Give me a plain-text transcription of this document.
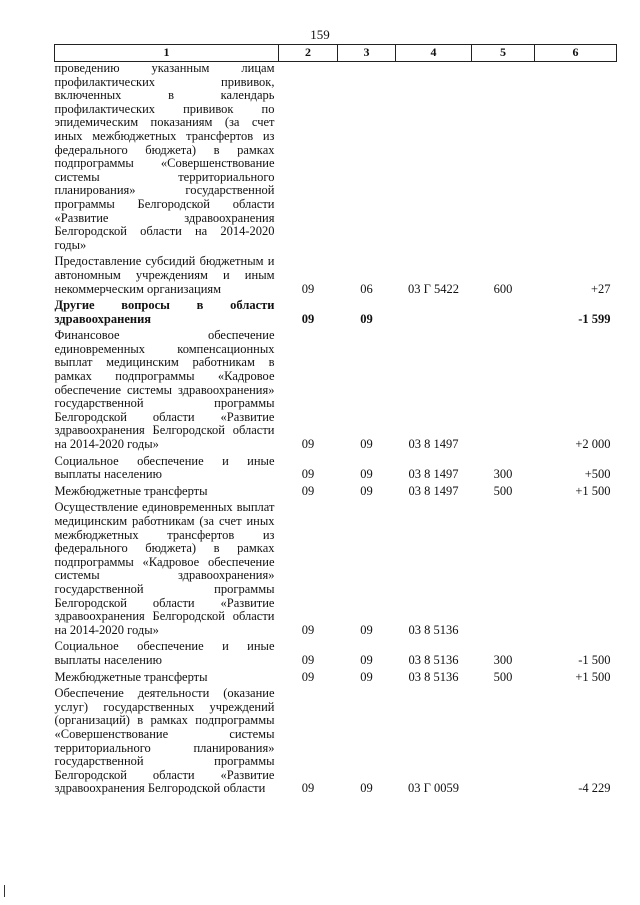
159
1	2	3	4	5	6
проведению указанным лицам профилактических прививок, включенных в календарь профилактических прививок по эпидемическим показаниям (за счет иных межбюджетных трансфертов из федерального бюджета) в рамках подпрограммы «Совершенствование системы территориального планирования» государственной программы Белгородской области «Развитие здравоохранения Белгородской области на 2014-2020 годы»					
Предоставление субсидий бюджетным и автономным учреждениям и иным некоммерческим организациям	09	06	03 Г 5422	600	+27
Другие вопросы в области здравоохранения	09	09			-1 599
Финансовое обеспечение единовременных компенсационных выплат медицинским работникам в рамках подпрограммы «Кадровое обеспечение системы здравоохранения» государственной программы Белгородской области «Развитие здравоохранения Белгородской области на 2014-2020 годы»	09	09	03 8 1497		+2 000
Социальное обеспечение и иные выплаты населению	09	09	03 8 1497	300	+500
Межбюджетные трансферты	09	09	03 8 1497	500	+1 500
Осуществление единовременных выплат медицинским работникам (за счет иных межбюджетных трансфертов из федерального бюджета) в рамках подпрограммы «Кадровое обеспечение системы здравоохранения» государственной программы Белгородской области «Развитие здравоохранения Белгородской области на 2014-2020 годы»	09	09	03 8 5136		
Социальное обеспечение и иные выплаты населению	09	09	03 8 5136	300	-1 500
Межбюджетные трансферты	09	09	03 8 5136	500	+1 500
Обеспечение деятельности (оказание услуг) государственных учреждений (организаций) в рамках подпрограммы «Совершенствование системы территориального планирования» государственной программы Белгородской области «Развитие здравоохранения Белгородской области	09	09	03 Г 0059		-4 229
